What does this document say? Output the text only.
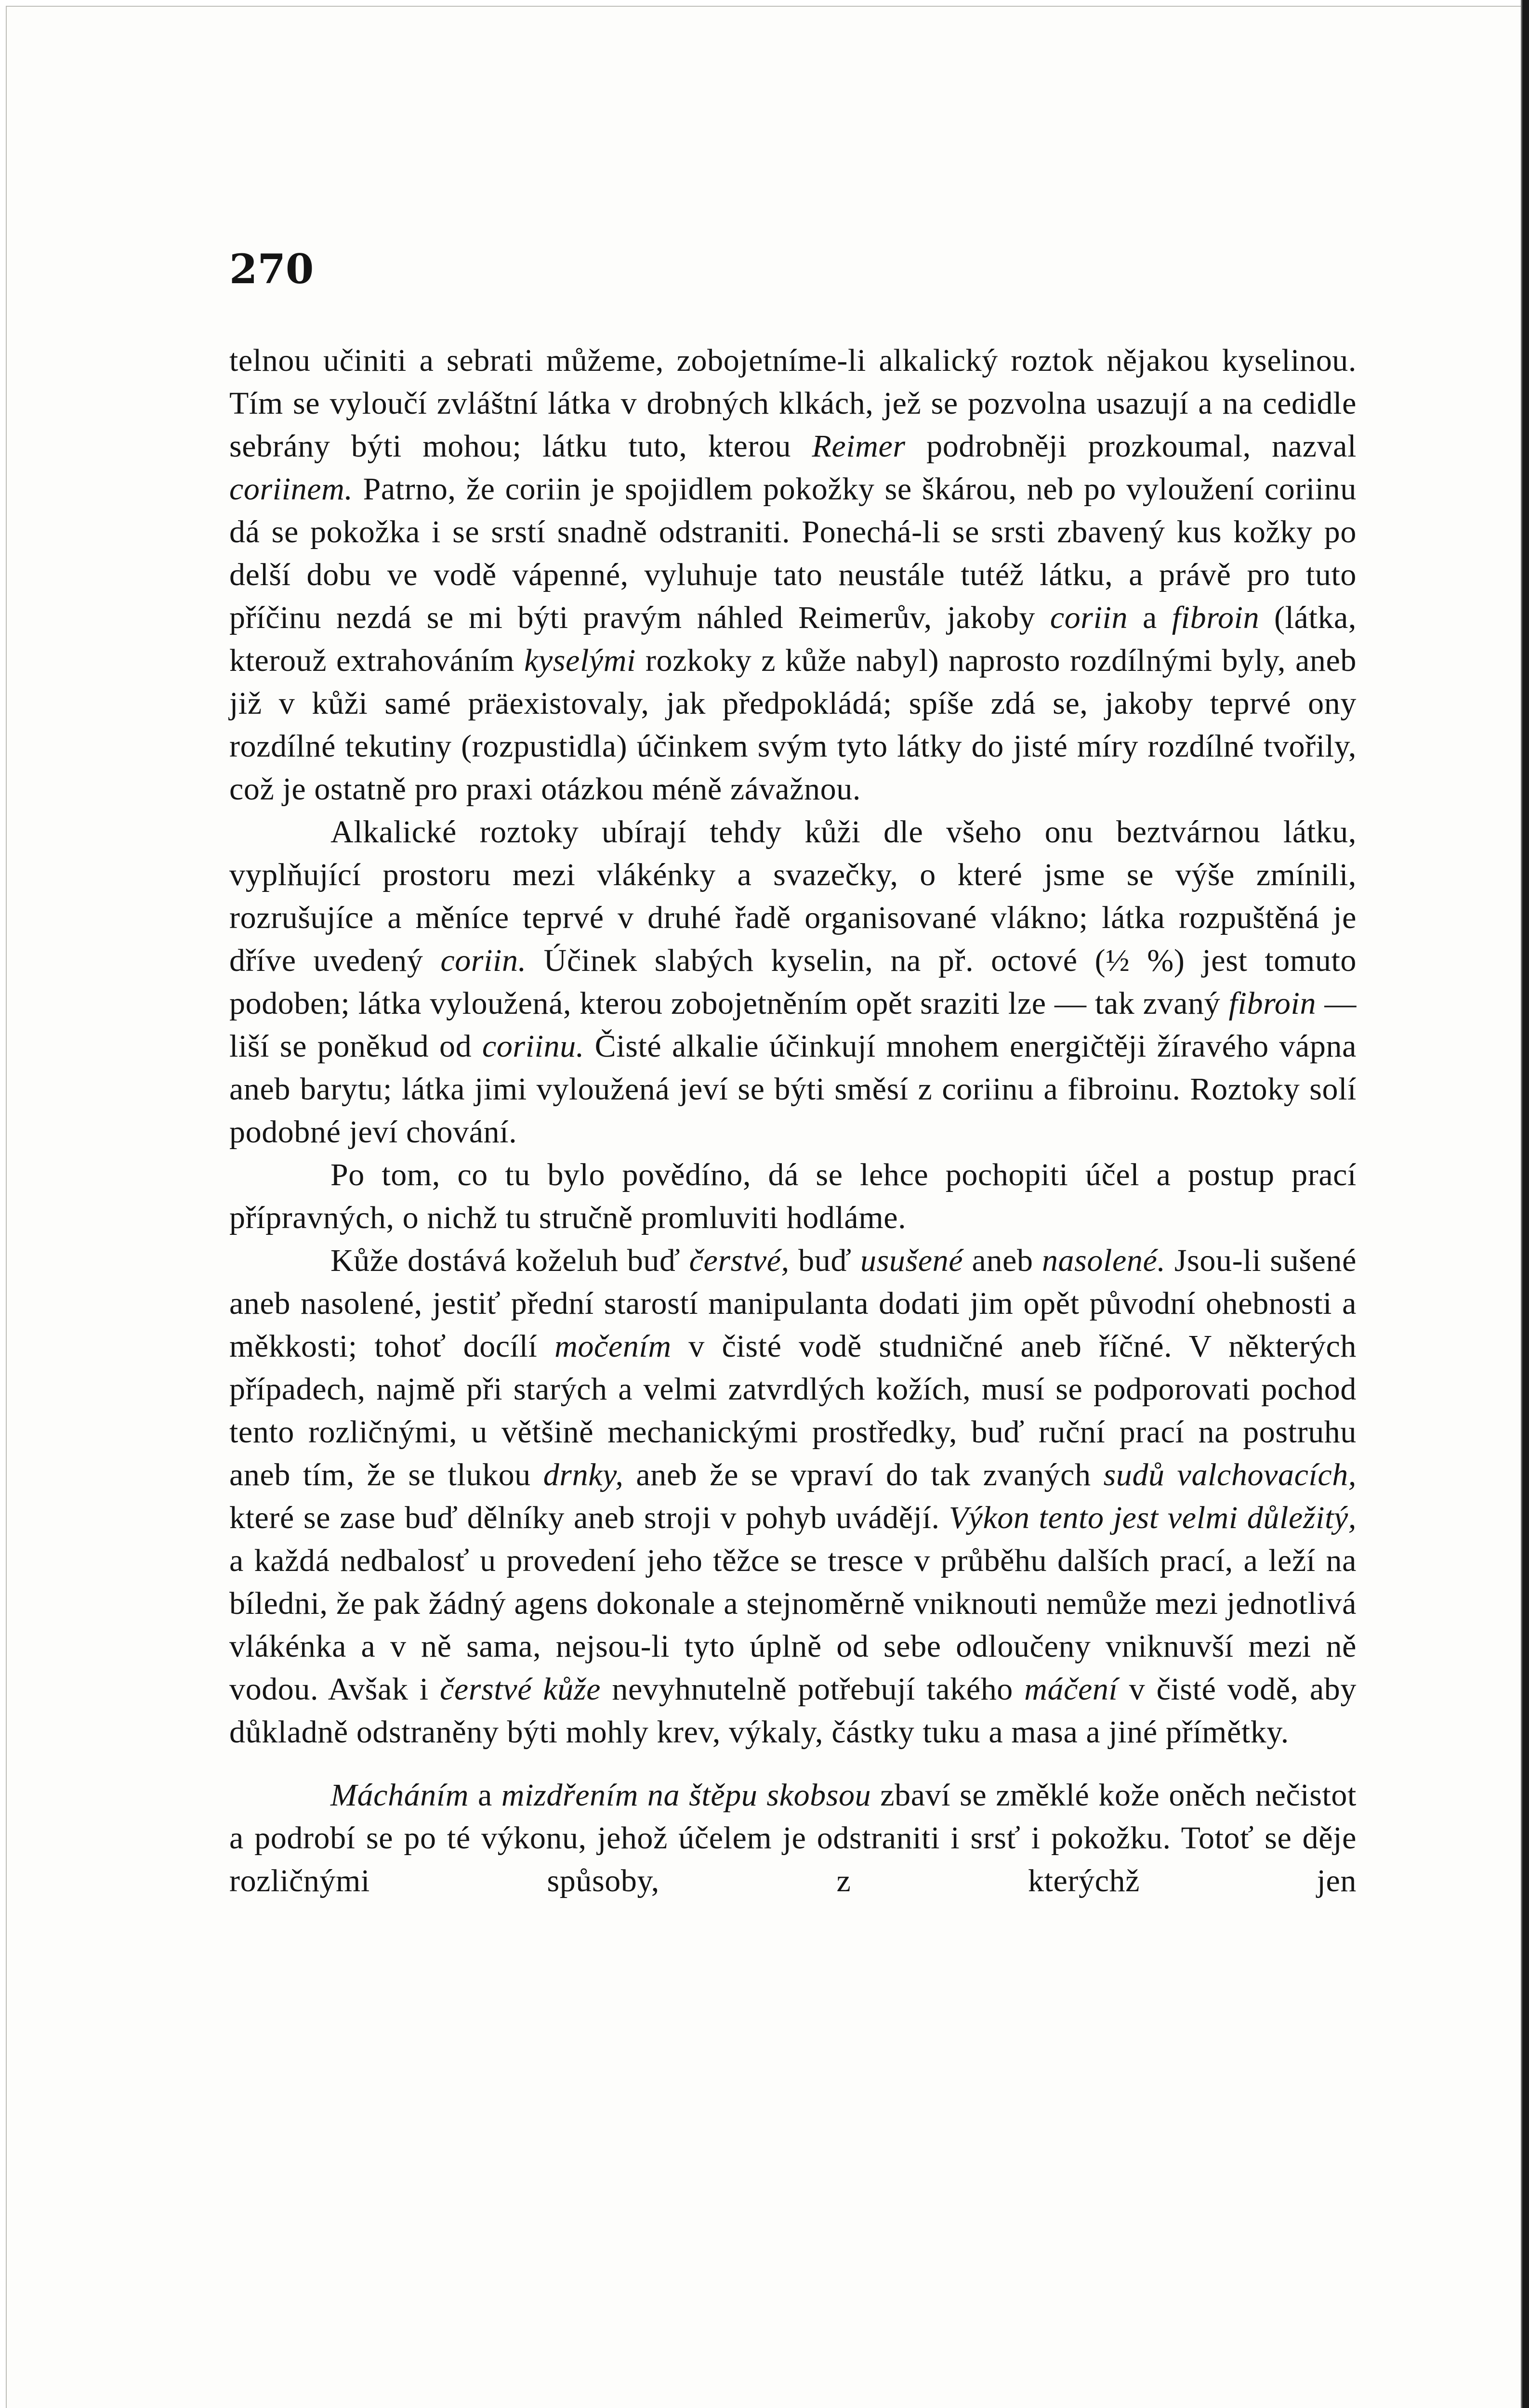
270

telnou učiniti a sebrati můžeme, zobojetníme-li alkalický roztok nějakou kyselinou. Tím se vyloučí zvláštní látka v drobných klkách, jež se pozvolna usazují a na cedidle sebrány býti mohou; látku tuto, kterou Reimer podrobněji prozkoumal, nazval coriinem. Patrno, že coriin je spojidlem pokožky se škárou, neb po vyloužení coriinu dá se pokožka i se srstí snadně odstraniti. Ponechá-li se srsti zbavený kus kožky po delší dobu ve vodě vápenné, vyluhuje tato neustále tutéž látku, a právě pro tuto příčinu nezdá se mi býti pravým náhled Reimerův, jakoby coriin a fibroin (látka, kterouž extrahováním kyselými rozkoky z kůže nabyl) naprosto rozdílnými byly, aneb již v kůži samé präexistovaly, jak předpokládá; spíše zdá se, jakoby teprvé ony rozdílné tekutiny (rozpustidla) účinkem svým tyto látky do jisté míry rozdílné tvořily, což je ostatně pro praxi otázkou méně závažnou.

Alkalické roztoky ubírají tehdy kůži dle všeho onu beztvárnou látku, vyplňující prostoru mezi vlákénky a svazečky, o které jsme se výše zmínili, rozrušujíce a měníce teprvé v druhé řadě organisované vlákno; látka rozpuštěná je dříve uvedený coriin. Účinek slabých kyselin, na př. octové (½ %) jest tomuto podoben; látka vyloužená, kterou zobojetněním opět sraziti lze — tak zvaný fibroin — liší se poněkud od coriinu. Čisté alkalie účinkují mnohem energičtěji žíravého vápna aneb barytu; látka jimi vyloužená jeví se býti směsí z coriinu a fibroinu. Roztoky solí podobné jeví chování.

Po tom, co tu bylo povědíno, dá se lehce pochopiti účel a postup prací přípravných, o nichž tu stručně promluviti hodláme.

Kůže dostává koželuh buď čerstvé, buď usušené aneb nasolené. Jsou-li sušené aneb nasolené, jestiť přední starostí manipulanta dodati jim opět původní ohebnosti a měkkosti; tohoť docílí močením v čisté vodě studničné aneb říčné. V některých případech, najmě při starých a velmi zatvrdlých kožích, musí se podporovati pochod tento rozličnými, u většině mechanickými prostředky, buď ruční prací na postruhu aneb tím, že se tlukou drnky, aneb že se vpraví do tak zvaných sudů valchovacích, které se zase buď dělníky aneb stroji v pohyb uvádějí. Výkon tento jest velmi důležitý, a každá nedbalosť u provedení jeho těžce se tresce v průběhu dalších prací, a leží na bíledni, že pak žádný agens dokonale a stejnoměrně vniknouti nemůže mezi jednotlivá vlákénka a v ně sama, nejsou-li tyto úplně od sebe odloučeny vniknuvší mezi ně vodou. Avšak i čerstvé kůže nevyhnutelně potřebují takého máčení v čisté vodě, aby důkladně odstraněny býti mohly krev, výkaly, částky tuku a masa a jiné přímětky.

Mácháním a mizdřením na štěpu skobsou zbaví se změklé kože oněch nečistot a podrobí se po té výkonu, jehož účelem je odstraniti i srsť i pokožku. Totoť se děje rozličnými spůsoby, z kterýchž jen
